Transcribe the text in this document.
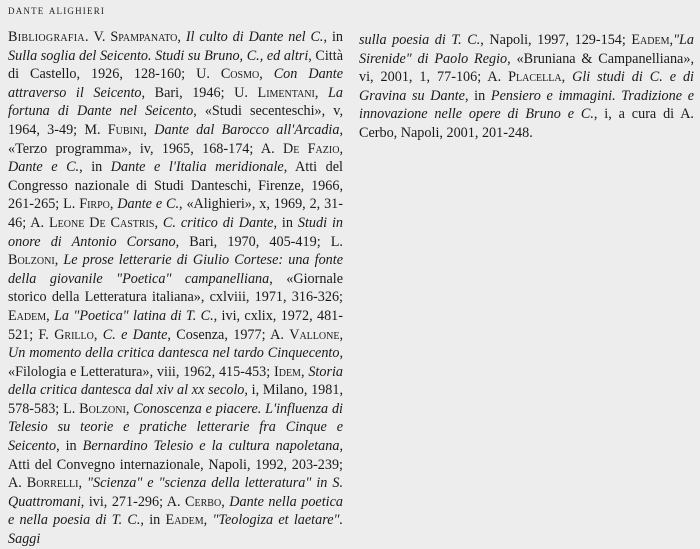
dante alighieri
Bibliografia. V. Spampanato, Il culto di Dante nel C., in Sulla soglia del Seicento. Studi su Bruno, C., ed altri, Città di Castello, 1926, 128-160; U. Cosmo, Con Dante attraverso il Seicento, Bari, 1946; U. Limentani, La fortuna di Dante nel Seicento, «Studi secenteschi», v, 1964, 3-49; M. Fubini, Dante dal Barocco all'Arcadia, «Terzo programma», iv, 1965, 168-174; A. De Fazio, Dante e C., in Dante e l'Italia meridionale, Atti del Congresso nazionale di Studi Danteschi, Firenze, 1966, 261-265; L. Firpo, Dante e C., «Alighieri», x, 1969, 2, 31-46; A. Leone De Castris, C. critico di Dante, in Studi in onore di Antonio Corsano, Bari, 1970, 405-419; L. Bolzoni, Le prose letterarie di Giulio Cortese: una fonte della giovanile "Poetica" campanelliana, «Giornale storico della Letteratura italiana», cxlviii, 1971, 316-326; Eadem, La "Poetica" latina di T. C., ivi, cxlix, 1972, 481-521; F. Grillo, C. e Dante, Cosenza, 1977; A. Vallone, Un momento della critica dantesca nel tardo Cinquecento, «Filologia e Letteratura», viii, 1962, 415-453; Idem, Storia della critica dantesca dal xiv al xx secolo, i, Milano, 1981, 578-583; L. Bolzoni, Conoscenza e piacere. L'influenza di Telesio su teorie e pratiche letterarie fra Cinque e Seicento, in Bernardino Telesio e la cultura napoletana, Atti del Convegno internazionale, Napoli, 1992, 203-239; A. Borrelli, "Scienza" e "scienza della letteratura" in S. Quattromani, ivi, 271-296; A. Cerbo, Dante nella poetica e nella poesia di T. C., in Eadem, "Teologiza et laetare". Saggi
sulla poesia di T. C., Napoli, 1997, 129-154; Eadem,"La Sirenide" di Paolo Regio, «Bruniana & Campanelliana», vi, 2001, 1, 77-106; A. Placella, Gli studi di C. e di Gravina su Dante, in Pensiero e immagini. Tradizione e innovazione nelle opere di Bruno e C., i, a cura di A. Cerbo, Napoli, 2001, 201-248.
